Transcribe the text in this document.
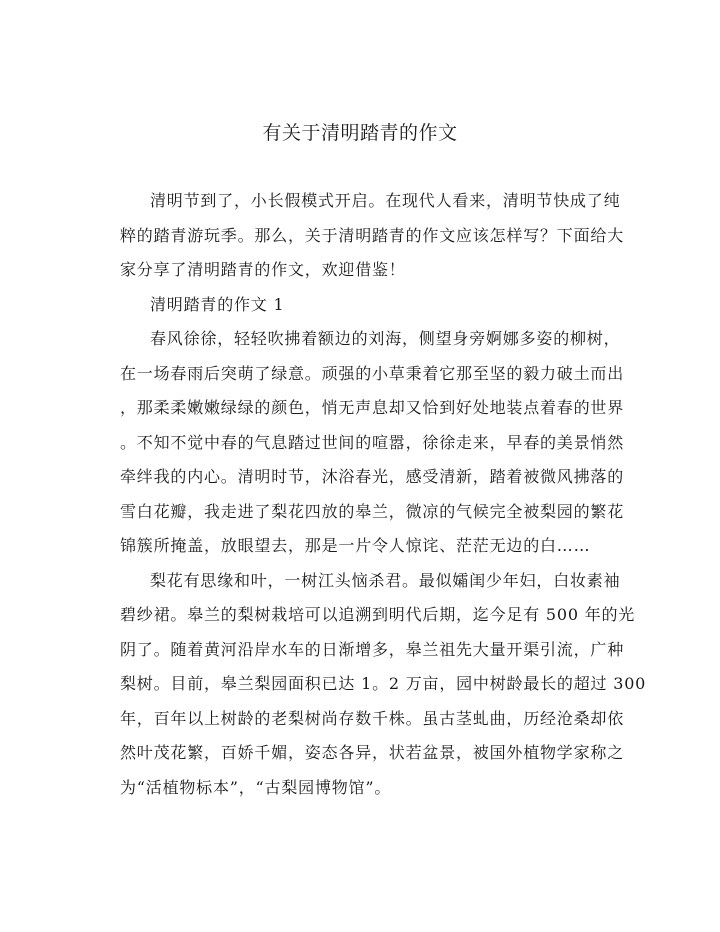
有关于清明踏青的作文
清明节到了，小长假模式开启。在现代人看来，清明节快成了纯
粹的踏青游玩季。那么，关于清明踏青的作文应该怎样写？下面给大
家分享了清明踏青的作文，欢迎借鉴！
清明踏青的作文 1
春风徐徐，轻轻吹拂着额边的刘海，侧望身旁婀娜多姿的柳树，
在一场春雨后突萌了绿意。顽强的小草秉着它那至坚的毅力破土而出
，那柔柔嫩嫩绿绿的颜色，悄无声息却又恰到好处地装点着春的世界
。不知不觉中春的气息踏过世间的喧嚣，徐徐走来，早春的美景悄然
牵绊我的内心。清明时节，沐浴春光，感受清新，踏着被微风拂落的
雪白花瓣，我走进了梨花四放的皋兰，微凉的气候完全被梨园的繁花
锦簇所掩盖，放眼望去，那是一片令人惊诧、茫茫无边的白……
梨花有思缘和叶，一树江头恼杀君。最似孀闺少年妇，白妆素袖
碧纱裙。皋兰的梨树栽培可以追溯到明代后期，迄今足有 500 年的光
阴了。随着黄河沿岸水车的日渐增多，皋兰祖先大量开渠引流，广种
梨树。目前，皋兰梨园面积已达 1。2 万亩，园中树龄最长的超过 300
年，百年以上树龄的老梨树尚存数千株。虽古茎虬曲，历经沧桑却依
然叶茂花繁，百娇千媚，姿态各异，状若盆景，被国外植物学家称之
为“活植物标本”，“古梨园博物馆”。
